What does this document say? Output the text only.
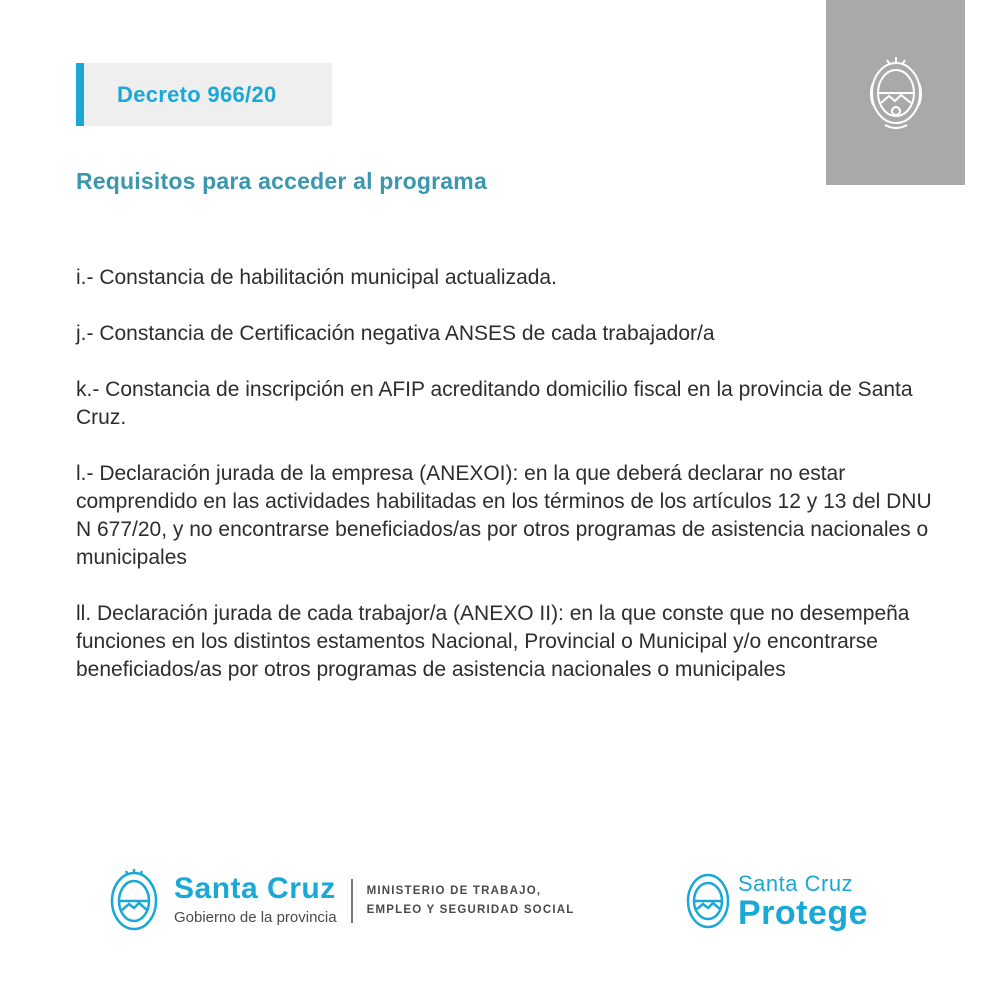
Decreto 966/20
Requisitos para acceder al programa
i.- Constancia de habilitación municipal actualizada.
j.- Constancia de Certificación negativa ANSES de cada trabajador/a
k.- Constancia de inscripción en AFIP acreditando domicilio fiscal en la provincia de Santa Cruz.
l.- Declaración jurada de la empresa (ANEXOI): en la que deberá declarar no estar comprendido en las actividades habilitadas en los términos de los artículos 12 y 13 del DNU N 677/20, y no encontrarse beneficiados/as por otros programas de asistencia nacionales o municipales
ll. Declaración jurada de cada trabajor/a (ANEXO II): en la que conste que no desempeña funciones en los distintos estamentos Nacional, Provincial o Municipal y/o encontrarse beneficiados/as por otros programas de asistencia nacionales o municipales
Santa Cruz
Gobierno de la provincia
MINISTERIO DE TRABAJO,
EMPLEO Y SEGURIDAD SOCIAL
Santa Cruz
Protege
